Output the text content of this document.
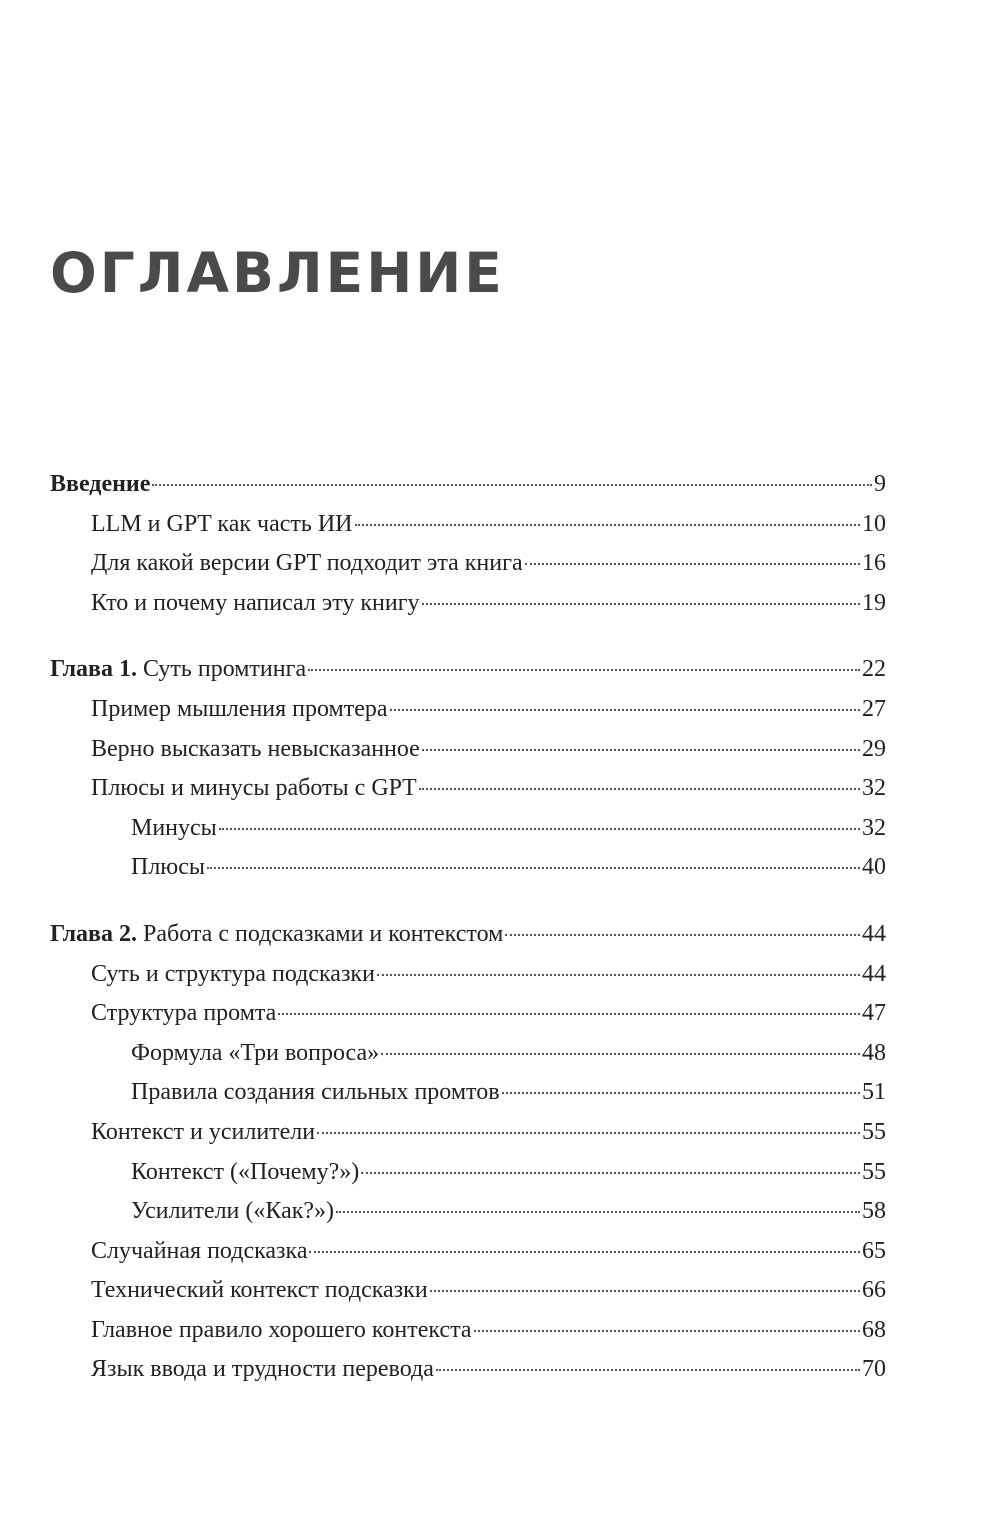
ОГЛАВЛЕНИЕ
Введение	9
LLM и GPT как часть ИИ	10
Для какой версии GPT подходит эта книга	16
Кто и почему написал эту книгу	19
Глава 1. Суть промтинга	22
Пример мышления промтера	27
Верно высказать невысказанное	29
Плюсы и минусы работы с GPT	32
Минусы	32
Плюсы	40
Глава 2. Работа с подсказками и контекстом	44
Суть и структура подсказки	44
Структура промта	47
Формула «Три вопроса»	48
Правила создания сильных промтов	51
Контекст и усилители	55
Контекст («Почему?»)	55
Усилители («Как?»)	58
Случайная подсказка	65
Технический контекст подсказки	66
Главное правило хорошего контекста	68
Язык ввода и трудности перевода	70
